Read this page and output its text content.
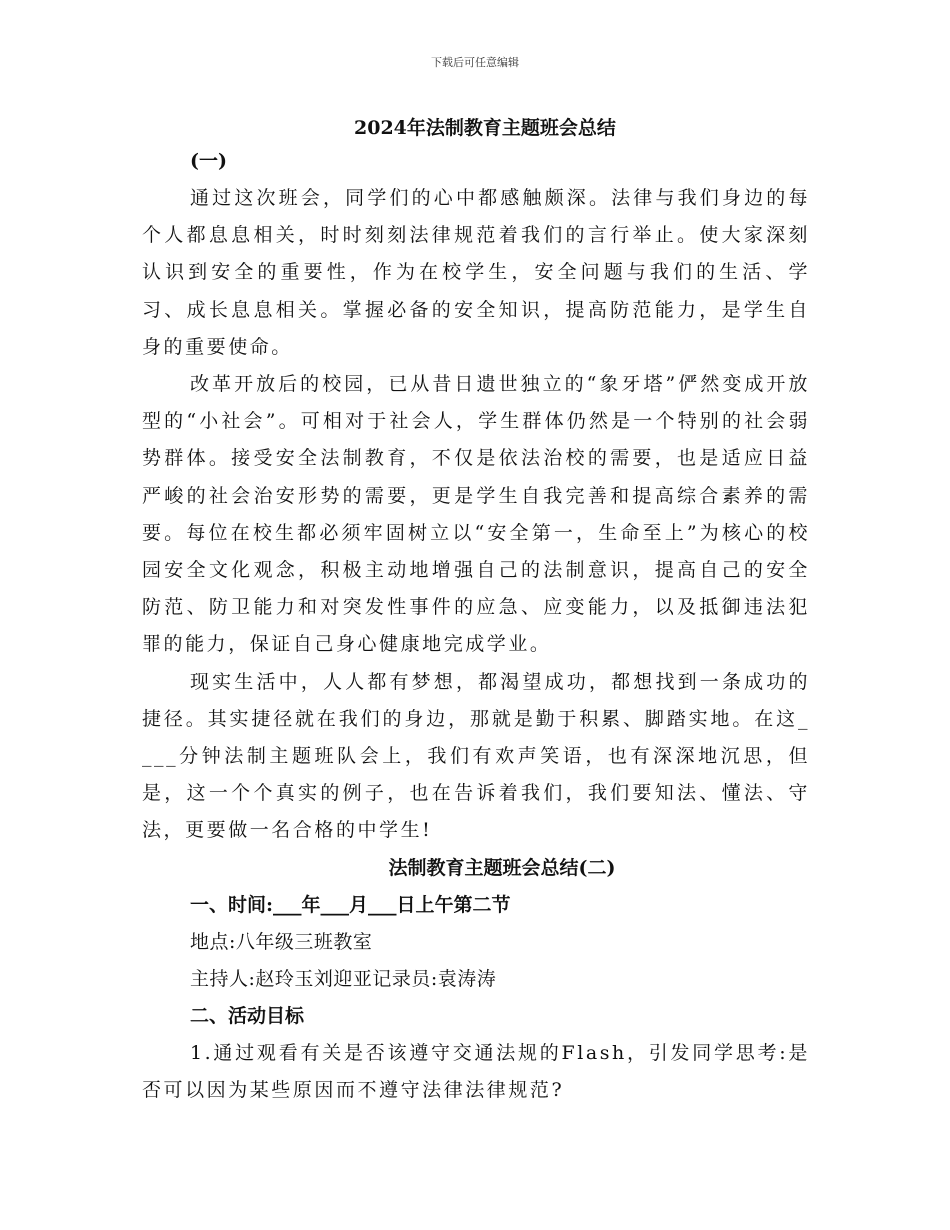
下载后可任意编辑
2024年法制教育主题班会总结
(一)

通过这次班会，同学们的心中都感触颇深。法律与我们身边的每个人都息息相关，时时刻刻法律规范着我们的言行举止。使大家深刻认识到安全的重要性，作为在校学生，安全问题与我们的生活、学习、成长息息相关。掌握必备的安全知识，提高防范能力，是学生自身的重要使命。

改革开放后的校园，已从昔日遗世独立的“象牙塔”俨然变成开放型的“小社会”。可相对于社会人，学生群体仍然是一个特别的社会弱势群体。接受安全法制教育，不仅是依法治校的需要，也是适应日益严峻的社会治安形势的需要，更是学生自我完善和提高综合素养的需要。每位在校生都必须牢固树立以“安全第一，生命至上”为核心的校园安全文化观念，积极主动地增强自己的法制意识，提高自己的安全防范、防卫能力和对突发性事件的应急、应变能力，以及抵御违法犯罪的能力，保证自己身心健康地完成学业。

现实生活中，人人都有梦想，都渴望成功，都想找到一条成功的捷径。其实捷径就在我们的身边，那就是勤于积累、脚踏实地。在这____分钟法制主题班队会上，我们有欢声笑语，也有深深地沉思，但是，这一个个真实的例子，也在告诉着我们，我们要知法、懂法、守法，更要做一名合格的中学生!

法制教育主题班会总结(二)
一、时间:___年___月___日上午第二节
地点:八年级三班教室
主持人:赵玲玉刘迎亚记录员:袁涛涛
二、活动目标

1.通过观看有关是否该遵守交通法规的Flash，引发同学思考:是否可以因为某些原因而不遵守法律法律规范?
